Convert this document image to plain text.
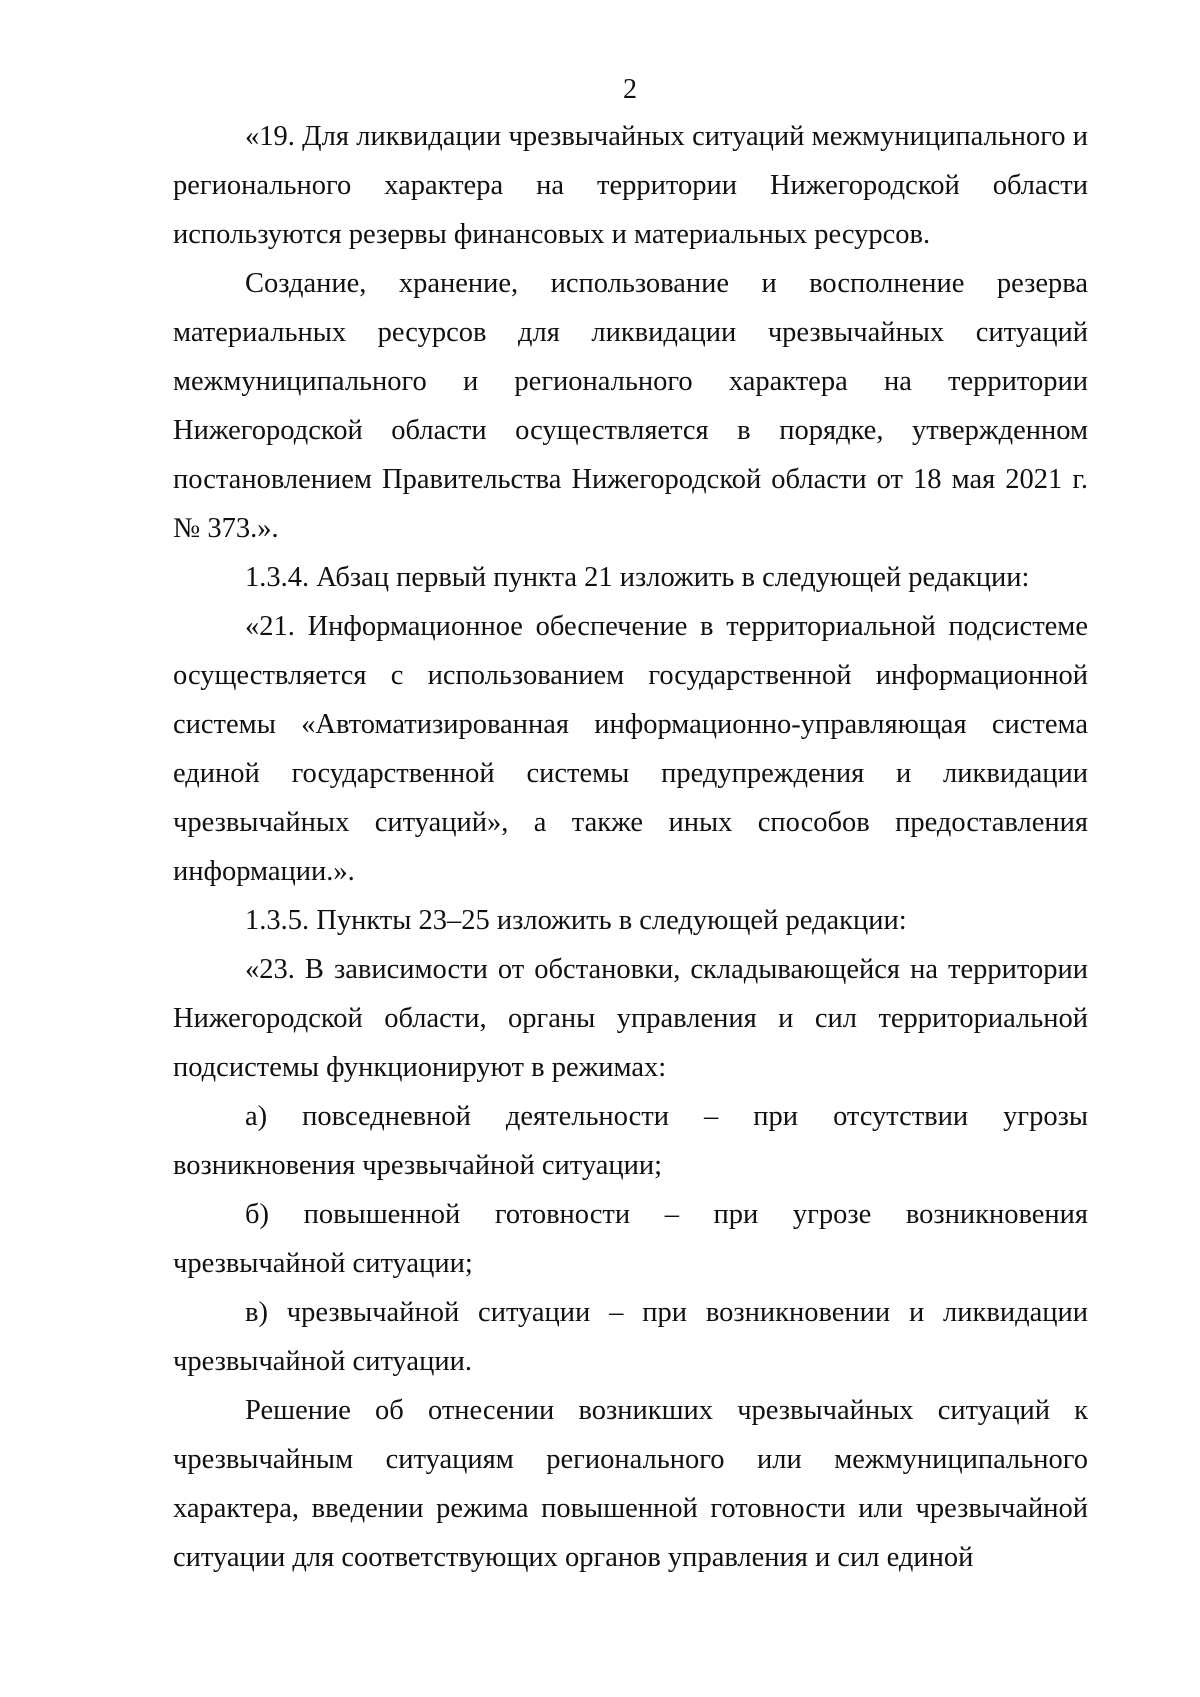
2

«19. Для ликвидации чрезвычайных ситуаций межмуниципального и регионального характера на территории Нижегородской области используются резервы финансовых и материальных ресурсов.

Создание, хранение, использование и восполнение резерва материальных ресурсов для ликвидации чрезвычайных ситуаций межмуниципального и регионального характера на территории Нижегородской области осуществляется в порядке, утвержденном постановлением Правительства Нижегородской области от 18 мая 2021 г. № 373.».

1.3.4. Абзац первый пункта 21 изложить в следующей редакции:

«21. Информационное обеспечение в территориальной подсистеме осуществляется с использованием государственной информационной системы «Автоматизированная информационно-управляющая система единой государственной системы предупреждения и ликвидации чрезвычайных ситуаций», а также иных способов предоставления информации.».

1.3.5. Пункты 23–25 изложить в следующей редакции:

«23. В зависимости от обстановки, складывающейся на территории Нижегородской области, органы управления и сил территориальной подсистемы функционируют в режимах:

а) повседневной деятельности – при отсутствии угрозы возникновения чрезвычайной ситуации;

б) повышенной готовности – при угрозе возникновения чрезвычайной ситуации;

в) чрезвычайной ситуации – при возникновении и ликвидации чрезвычайной ситуации.

Решение об отнесении возникших чрезвычайных ситуаций к чрезвычайным ситуациям регионального или межмуниципального характера, введении режима повышенной готовности или чрезвычайной ситуации для соответствующих органов управления и сил единой
